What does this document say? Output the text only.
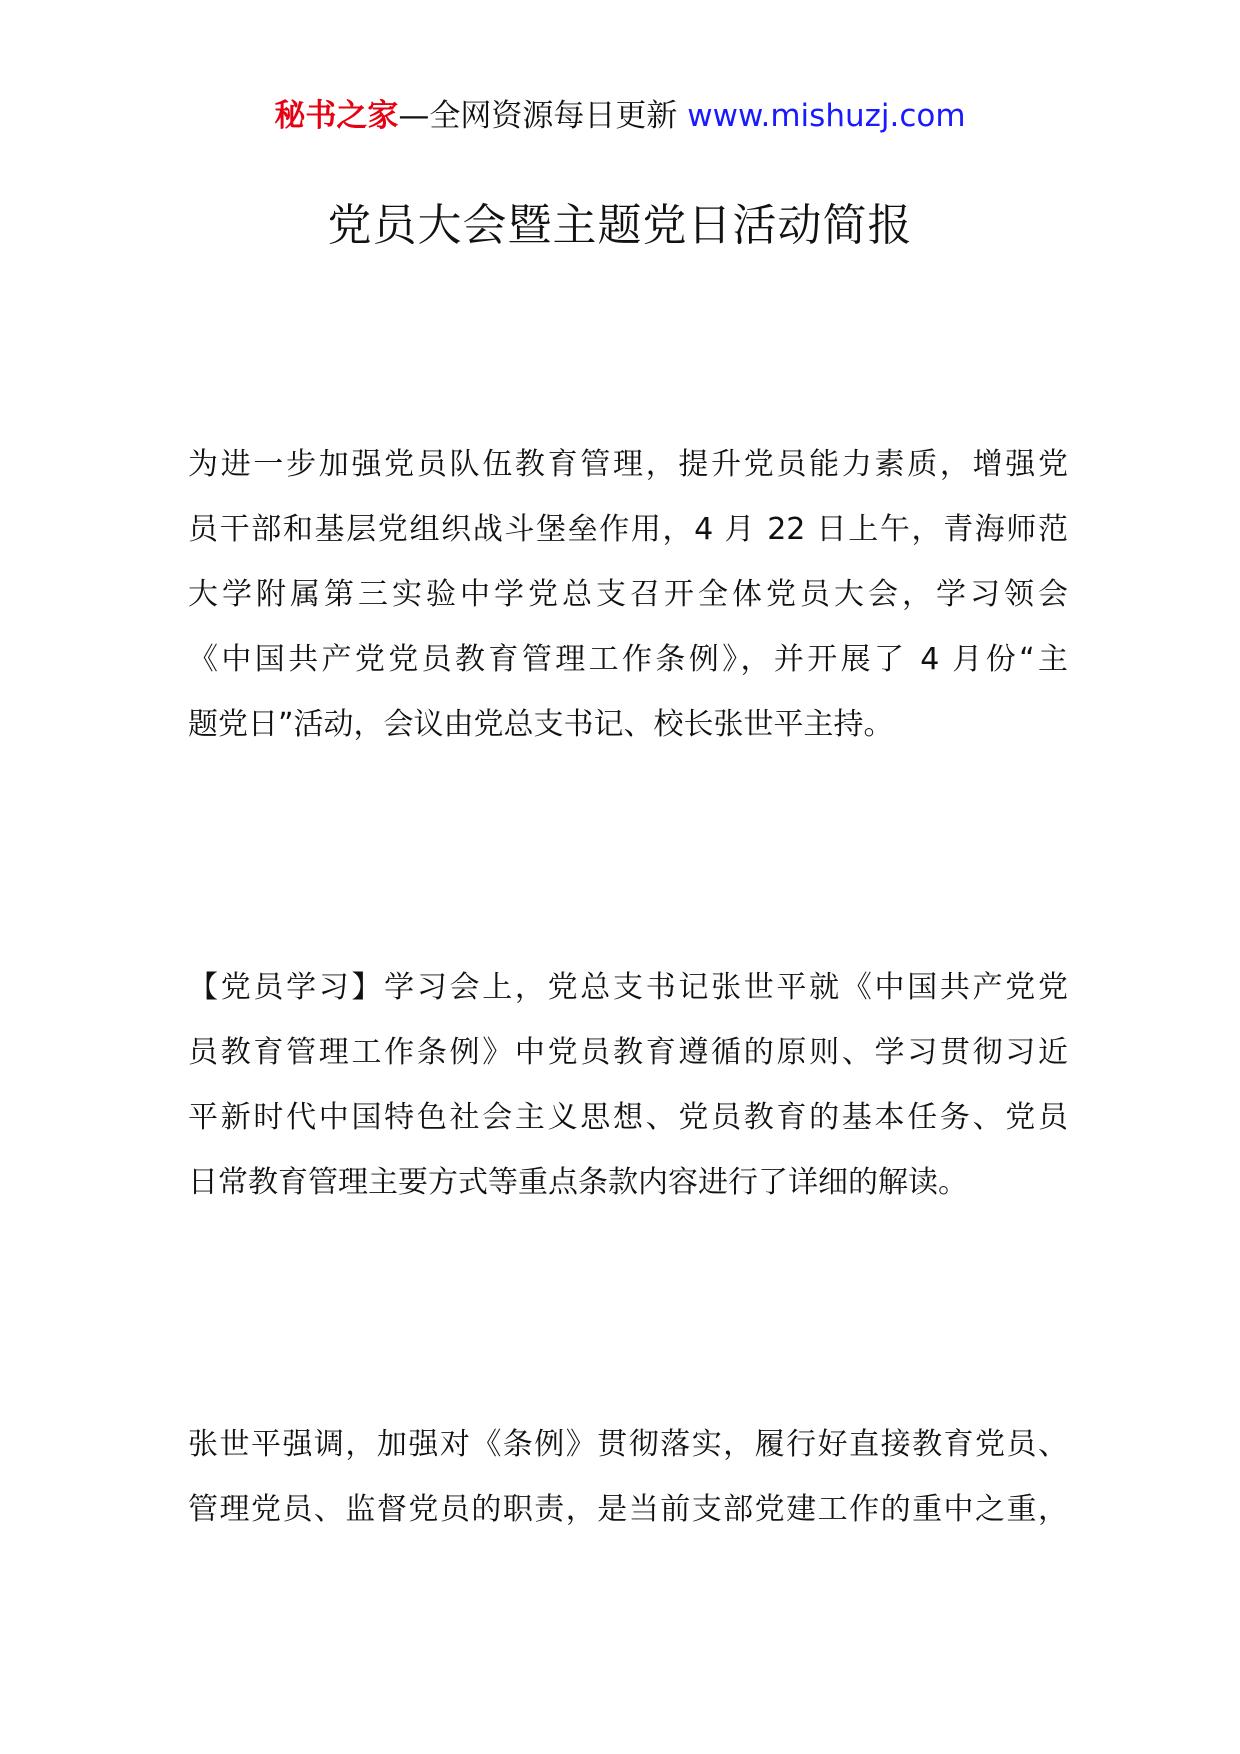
秘书之家—全网资源每日更新 www.mishuzj.com
党员大会暨主题党日活动简报

为进一步加强党员队伍教育管理，提升党员能力素质，增强党
员干部和基层党组织战斗堡垒作用，4 月 22 日上午，青海师范
大学附属第三实验中学党总支召开全体党员大会，学习领会
《中国共产党党员教育管理工作条例》，并开展了 4 月份“主
题党日”活动，会议由党总支书记、校长张世平主持。

【党员学习】学习会上，党总支书记张世平就《中国共产党党
员教育管理工作条例》中党员教育遵循的原则、学习贯彻习近
平新时代中国特色社会主义思想、党员教育的基本任务、党员
日常教育管理主要方式等重点条款内容进行了详细的解读。

张世平强调，加强对《条例》贯彻落实，履行好直接教育党员、
管理党员、监督党员的职责，是当前支部党建工作的重中之重，
